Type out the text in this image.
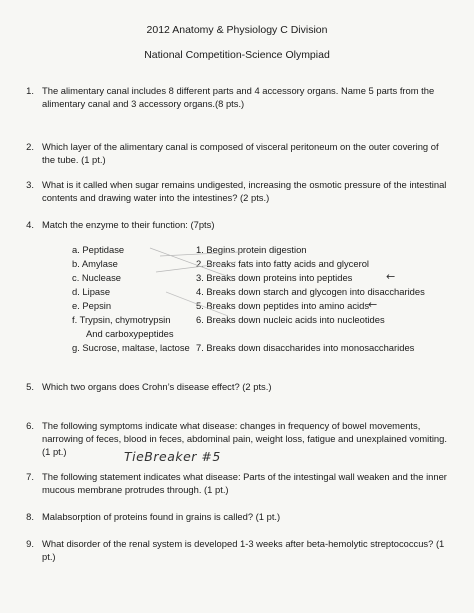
2012 Anatomy & Physiology C Division
National Competition-Science Olympiad
1. The alimentary canal includes 8 different parts and 4 accessory organs. Name 5 parts from the alimentary canal and 3 accessory organs.(8 pts.)
2. Which layer of the alimentary canal is composed of visceral peritoneum on the outer covering of the tube. (1 pt.)
3. What is it called when sugar remains undigested, increasing the osmotic pressure of the intestinal contents and drawing water into the intestines? (2 pts.)
4. Match the enzyme to their function: (7pts)
a. Peptidase
b. Amylase
c. Nuclease
d. Lipase
e. Pepsin
f. Trypsin, chymotrypsin
And carboxypeptides
g. Sucrose, maltase, lactose
1. Begins protein digestion
2. Breaks fats into fatty acids and glycerol
3. Breaks down proteins into peptides
4. Breaks down starch and glycogen into disaccharides
5. Breaks down peptides into amino acids
6. Breaks down nucleic acids into nucleotides
7. Breaks down disaccharides into monosaccharides
←
←
5. Which two organs does Crohn’s disease effect? (2 pts.)
6. The following symptoms indicate what disease: changes in frequency of bowel movements, narrowing of feces, blood in feces, abdominal pain, weight loss, fatigue and unexplained vomiting. (1 pt.)	TieBreaker #5
7. The following statement indicates what disease: Parts of the intestingal wall weaken and the inner mucous membrane protrudes through. (1 pt.)
8. Malabsorption of proteins found in grains is called? (1 pt.)
9. What disorder of the renal system is developed 1-3 weeks after beta-hemolytic streptococcus? (1 pt.)
